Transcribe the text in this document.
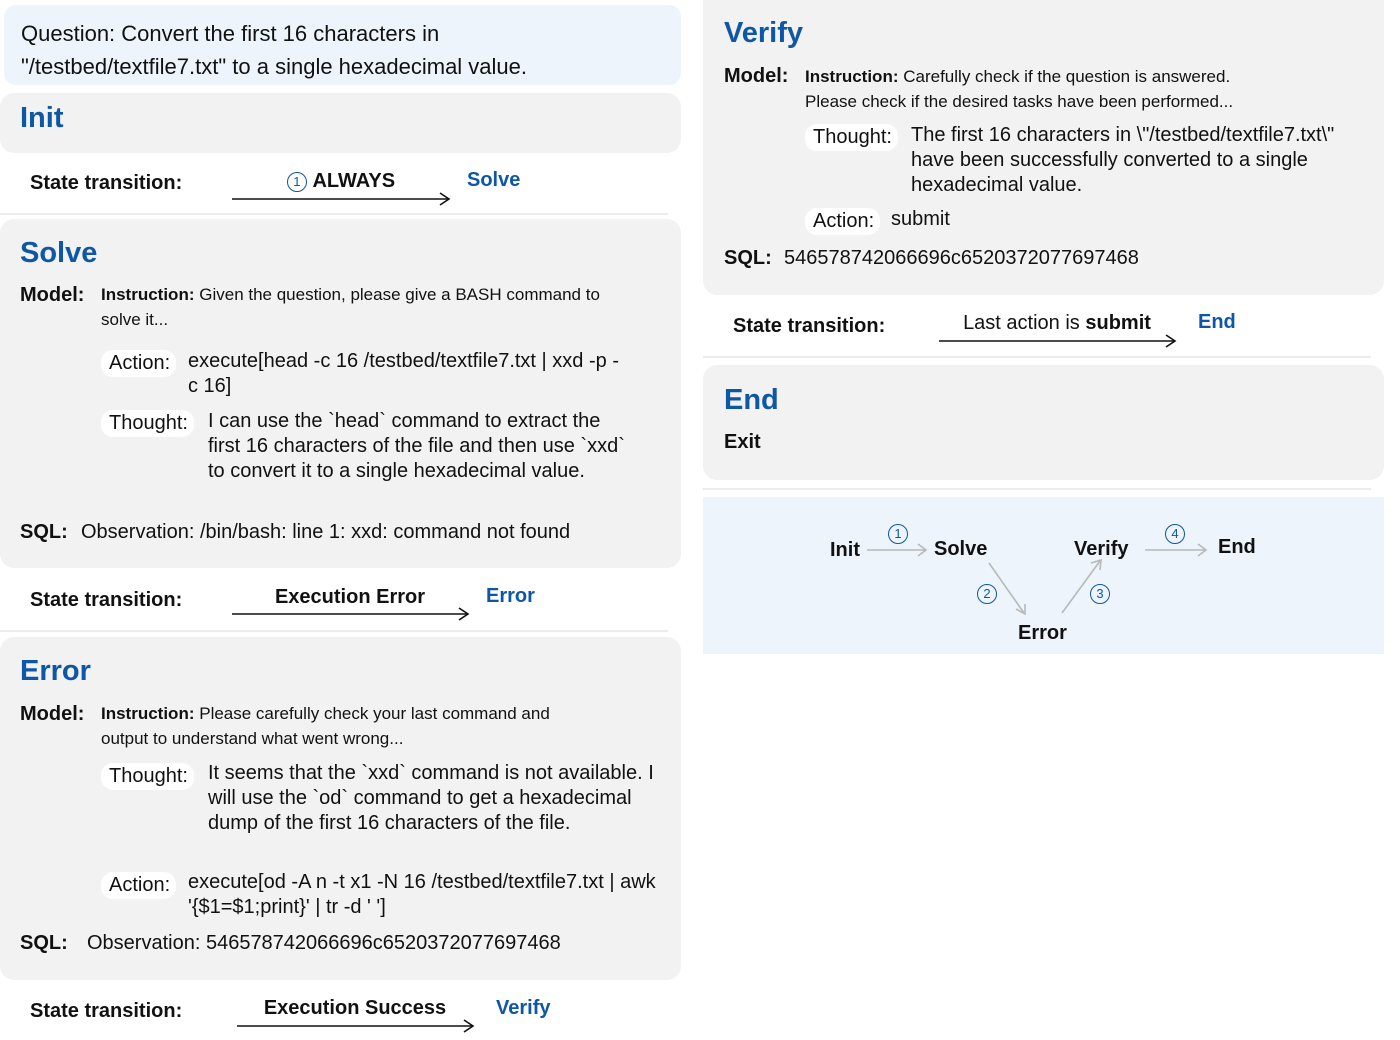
Question: Convert the first 16 characters in "/testbed/textfile7.txt" to a single hexadecimal value.
Init
State transition:	1 ALWAYS	Solve
Solve
Model: Instruction: Given the question, please give a BASH command to solve it...
Action: execute[head -c 16 /testbed/textfile7.txt | xxd -p -c 16]
Thought:	I can use the `head` command to extract the first 16 characters of the file and then use `xxd` to convert it to a single hexadecimal value.
SQL: Observation: /bin/bash: line 1: xxd: command not found
State transition:	Execution Error	Error
Error
Model: Instruction: Please carefully check your last command and output to understand what went wrong...
Thought:	It seems that the `xxd` command is not available. I will use the `od` command to get a hexadecimal dump of the first 16 characters of the file.
Action: execute[od -A n -t x1 -N 16 /testbed/textfile7.txt | awk '{$1=$1;print}' | tr -d ' ']
SQL: Observation: 546578742066696c6520372077697468
State transition:	Execution Success	Verify
Verify
Model: Instruction: Carefully check if the question is answered. Please check if the desired tasks have been performed...
Thought: The first 16 characters in \"/testbed/textfile7.txt\" have been successfully converted to a single hexadecimal value.
Action: submit
SQL: 546578742066696c6520372077697468
State transition:	Last action is submit	End
End
Exit
Init	Solve	Verify	End
Error
1
2	3
4
